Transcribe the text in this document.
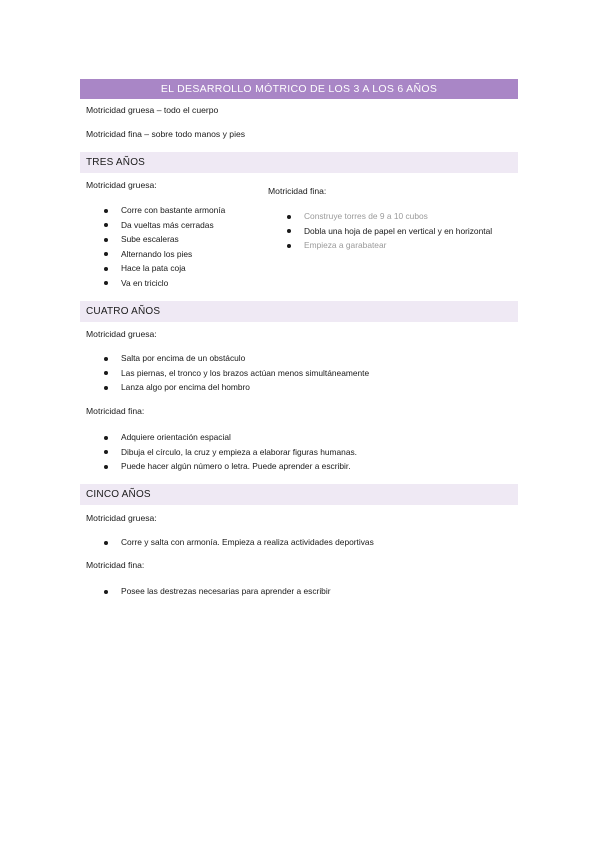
EL DESARROLLO MÓTRICO DE LOS 3 A LOS 6 AÑOS
Motricidad gruesa – todo el cuerpo
Motricidad fina – sobre todo manos y pies
TRES AÑOS
Motricidad gruesa:
Corre con bastante armonía
Da vueltas más cerradas
Sube escaleras
Alternando los pies
Hace la pata coja
Va en triciclo
Motricidad fina:
Construye torres de 9 a 10 cubos
Dobla una hoja de papel en vertical y en horizontal
Empieza a garabatear
CUATRO AÑOS
Motricidad gruesa:
Salta por encima de un obstáculo
Las piernas, el tronco y los brazos actúan menos simultáneamente
Lanza algo por encima del hombro
Motricidad fina:
Adquiere orientación espacial
Dibuja el círculo, la cruz y empieza a elaborar figuras humanas.
Puede hacer algún número o letra. Puede aprender a escribir.
CINCO AÑOS
Motricidad gruesa:
Corre y salta con armonía. Empieza a realiza actividades deportivas
Motricidad fina:
Posee las destrezas necesarias para aprender a escribir
